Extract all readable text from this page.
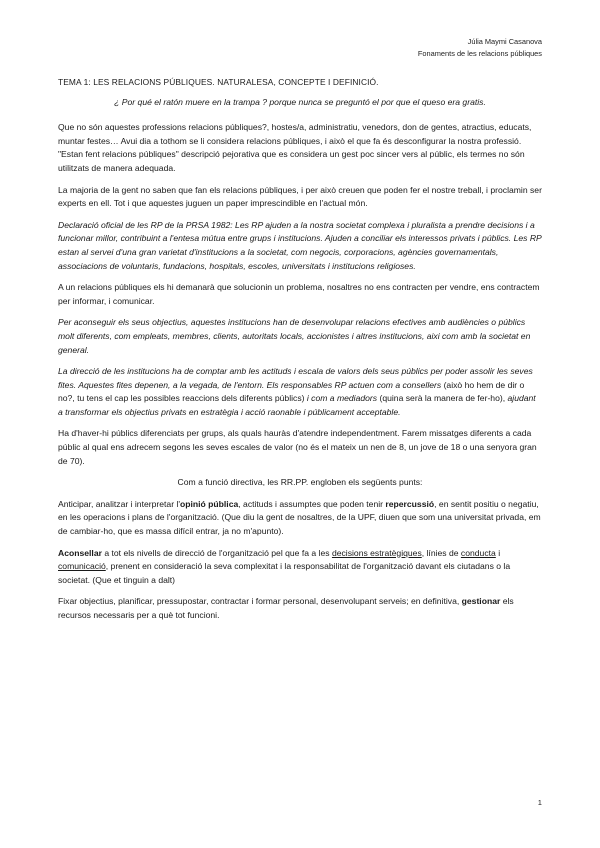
Júlia Maymi Casanova
Fonaments de les relacions públiques
TEMA 1: LES RELACIONS PÚBLIQUES. NATURALESA, CONCEPTE I DEFINICIÓ.
¿ Por qué el ratón muere en la trampa ? porque nunca se preguntó el por que el queso era gratis.

Que no són aquestes professions relacions públiques?, hostes/a, administratiu, venedors, don de gentes, atractius, educats, muntar festes… Avui dia a tothom se li considera relacions públiques, i això el que fa és desconfigurar la nostra professió. "Estan fent relacions públiques" descripció pejorativa que es considera un gest poc sincer vers al públic, els termes no són utilitzats de manera adequada.

La majoria de la gent no saben que fan els relacions públiques, i per això creuen que poden fer el nostre treball, i proclamin ser experts en ell. Tot i que aquestes juguen un paper imprescindible en l'actual món.

Declaració oficial de les RP de la PRSA 1982: Les RP ajuden a la nostra societat complexa i pluralista a prendre decisions i a funcionar millor, contribuint a l'entesa mútua entre grups i institucions. Ajuden a conciliar els interessos privats i públics. Les RP estan al servei d'una gran varietat d'institucions a la societat, com negocis, corporacions, agències governamentals, associacions de voluntaris, fundacions, hospitals, escoles, universitats i institucions religioses.

A un relacions públiques els hi demanarà que solucionin un problema, nosaltres no ens contracten per vendre, ens contractem per informar, i comunicar.

Per aconseguir els seus objectius, aquestes institucions han de desenvolupar relacions efectives amb audiències o públics molt diferents, com empleats, membres, clients, autoritats locals, accionistes i altres institucions, aixi com amb la societat en general.

La direcció de les institucions ha de comptar amb les actituds i escala de valors dels seus públics per poder assolir les seves fites. Aquestes fites depenen, a la vegada, de l'entorn. Els responsables RP actuen com a consellers (això ho hem de dir o no?, tu tens el cap les possibles reaccions dels diferents públics) i com a mediadors (quina serà la manera de fer-ho), ajudant a transformar els objectius privats en estratègia i acció raonable i públicament acceptable.

Ha d'haver-hi públics diferenciats per grups, als quals hauràs d'atendre independentment. Farem missatges diferents a cada públic al qual ens adrecem segons les seves escales de valor (no és el mateix un nen de 8, un jove de 18 o una senyora gran de 70).

Com a funció directiva, les RR.PP. engloben els següents punts:

Anticipar, analitzar i interpretar l'opinió pública, actituds i assumptes que poden tenir repercussió, en sentit positiu o negatiu, en les operacions i plans de l'organització. (Que diu la gent de nosaltres, de la UPF, diuen que som una universitat privada, em de cambiar-ho, que es massa difícil entrar, ja no m'apunto).

Aconsellar a tot els nivells de direcció de l'organització pel que fa a les decisions estratègiques, línies de conducta i comunicació, prenent en consideració la seva complexitat i la responsabilitat de l'organització davant els ciutadans o la societat. (Que et tinguin a dalt)

Fixar objectius, planificar, pressupostar, contractar i formar personal, desenvolupant serveis; en definitiva, gestionar els recursos necessaris per a què tot funcioni.

1
